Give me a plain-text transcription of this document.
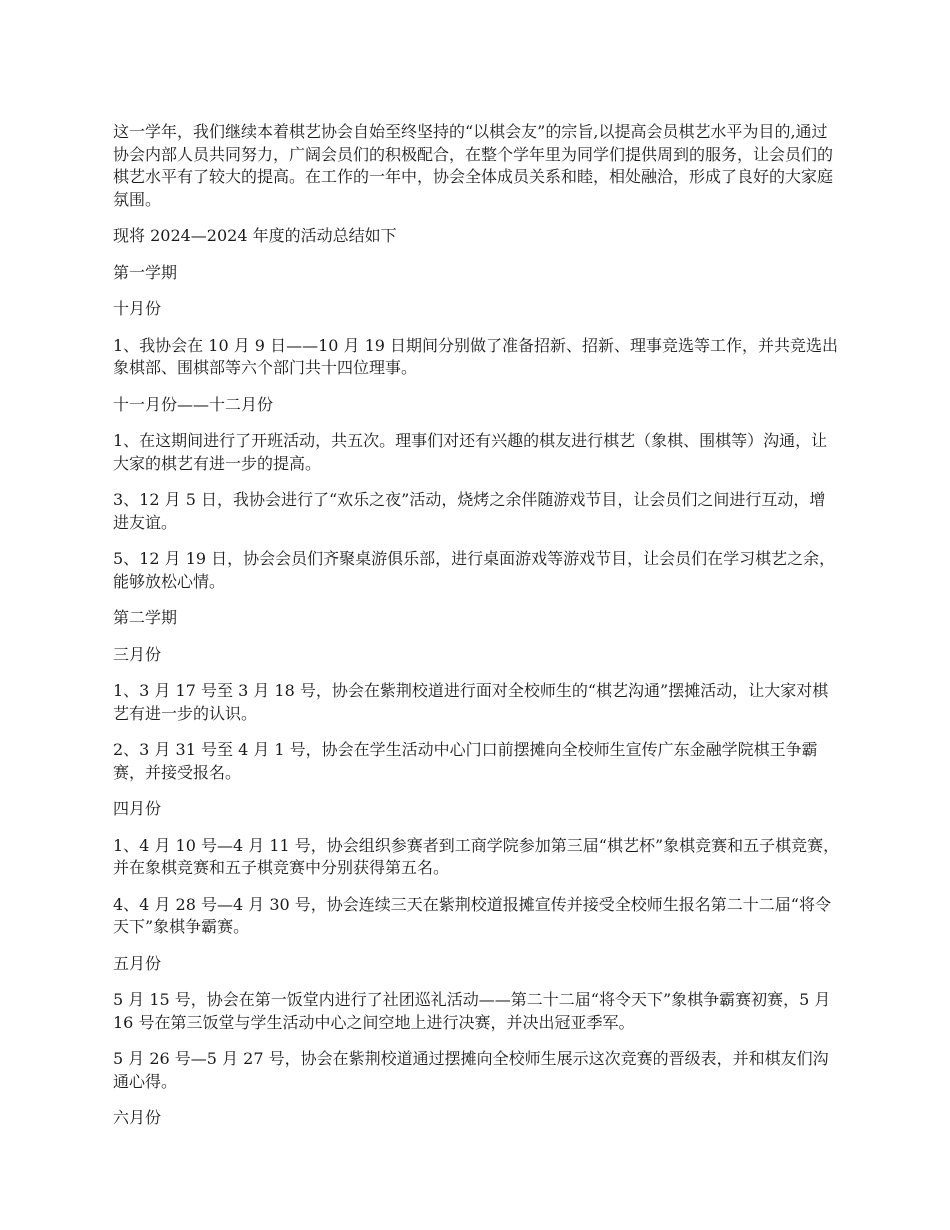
这一学年，我们继续本着棋艺协会自始至终坚持的“以棋会友”的宗旨,以提高会员棋艺水平为目的,通过协会内部人员共同努力，广阔会员们的积极配合，在整个学年里为同学们提供周到的服务，让会员们的棋艺水平有了较大的提高。在工作的一年中，协会全体成员关系和睦，相处融洽，形成了良好的大家庭氛围。

现将 2024—2024 年度的活动总结如下

第一学期

十月份

1、我协会在 10 月 9 日——10 月 19 日期间分别做了准备招新、招新、理事竞选等工作，并共竞选出象棋部、围棋部等六个部门共十四位理事。

十一月份——十二月份

1、在这期间进行了开班活动，共五次。理事们对还有兴趣的棋友进行棋艺（象棋、围棋等）沟通，让大家的棋艺有进一步的提高。

3、12 月 5 日，我协会进行了“欢乐之夜”活动，烧烤之余伴随游戏节目，让会员们之间进行互动，增进友谊。

5、12 月 19 日，协会会员们齐聚桌游俱乐部，进行桌面游戏等游戏节目，让会员们在学习棋艺之余，能够放松心情。

第二学期

三月份

1、3 月 17 号至 3 月 18 号，协会在紫荆校道进行面对全校师生的“棋艺沟通”摆摊活动，让大家对棋艺有进一步的认识。

2、3 月 31 号至 4 月 1 号，协会在学生活动中心门口前摆摊向全校师生宣传广东金融学院棋王争霸赛，并接受报名。

四月份

1、4 月 10 号—4 月 11 号，协会组织参赛者到工商学院参加第三届“棋艺杯”象棋竞赛和五子棋竞赛，并在象棋竞赛和五子棋竞赛中分别获得第五名。

4、4 月 28 号—4 月 30 号，协会连续三天在紫荆校道报摊宣传并接受全校师生报名第二十二届“将令天下”象棋争霸赛。

五月份

5 月 15 号，协会在第一饭堂内进行了社团巡礼活动——第二十二届“将令天下”象棋争霸赛初赛，5 月 16 号在第三饭堂与学生活动中心之间空地上进行决赛，并决出冠亚季军。

5 月 26 号—5 月 27 号，协会在紫荆校道通过摆摊向全校师生展示这次竞赛的晋级表，并和棋友们沟通心得。

六月份
